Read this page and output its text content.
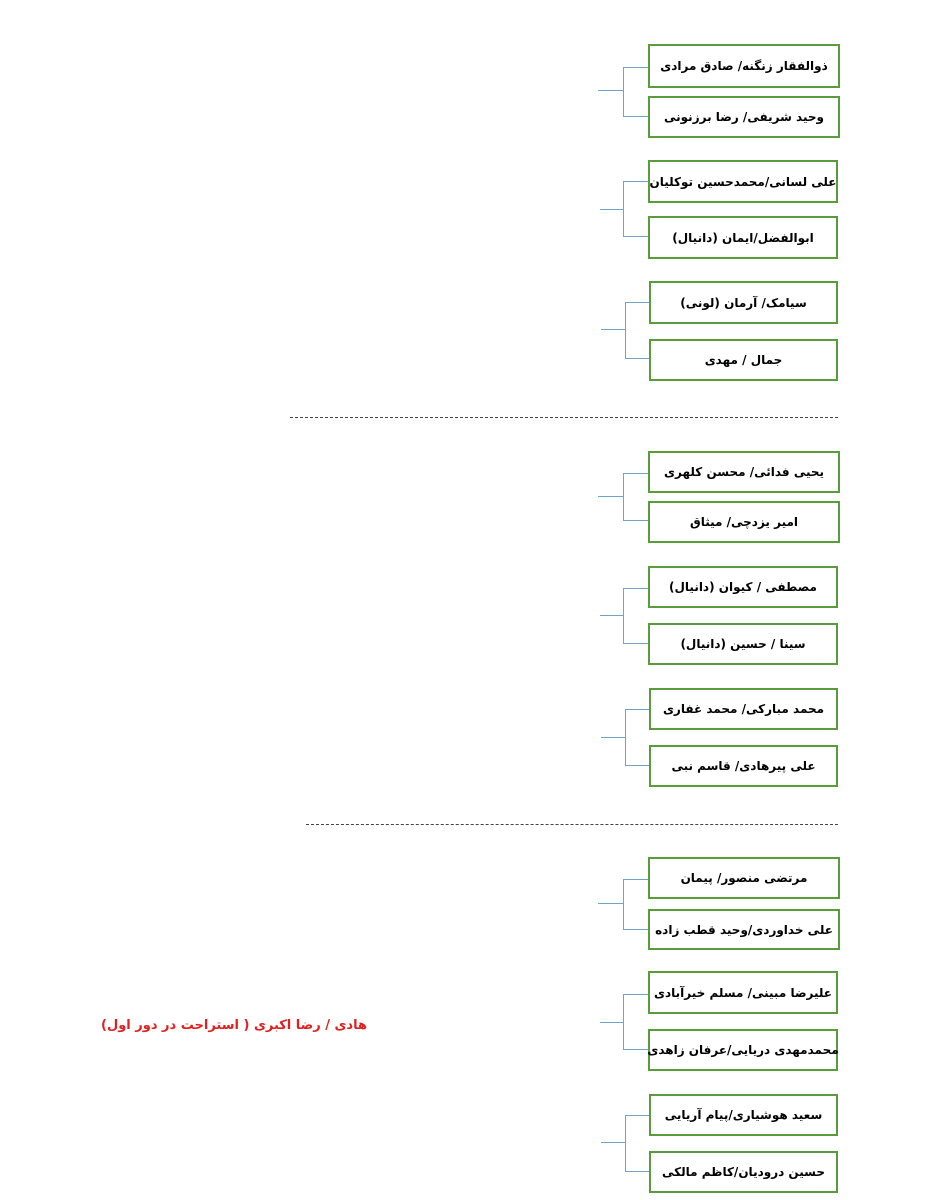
ذوالفقار زنگنه/ صادق مرادی
وحید شریفی/ رضا برزنونی
علی لسانی/محمدحسین توکلیان
ابوالفضل/ایمان (دانیال)
سیامک/ آرمان (لونی)
جمال / مهدی
یحیی فدائی/ محسن کلهری
امیر یزدچی/ میثاق
مصطفی / کیوان (دانیال)
سینا / حسین (دانیال)
محمد مبارکی/ محمد غفاری
علی پیرهادی/ قاسم نبی
مرتضی منصور/ پیمان
علی خداوردی/وحید قطب زاده
علیرضا مبینی/ مسلم خیرآبادی
محمدمهدی دریایی/عرفان زاهدی
سعید هوشیاری/پیام آریایی
حسین درودیان/کاظم مالکی
هادی / رضا اکبری ( استراحت در دور اول)
